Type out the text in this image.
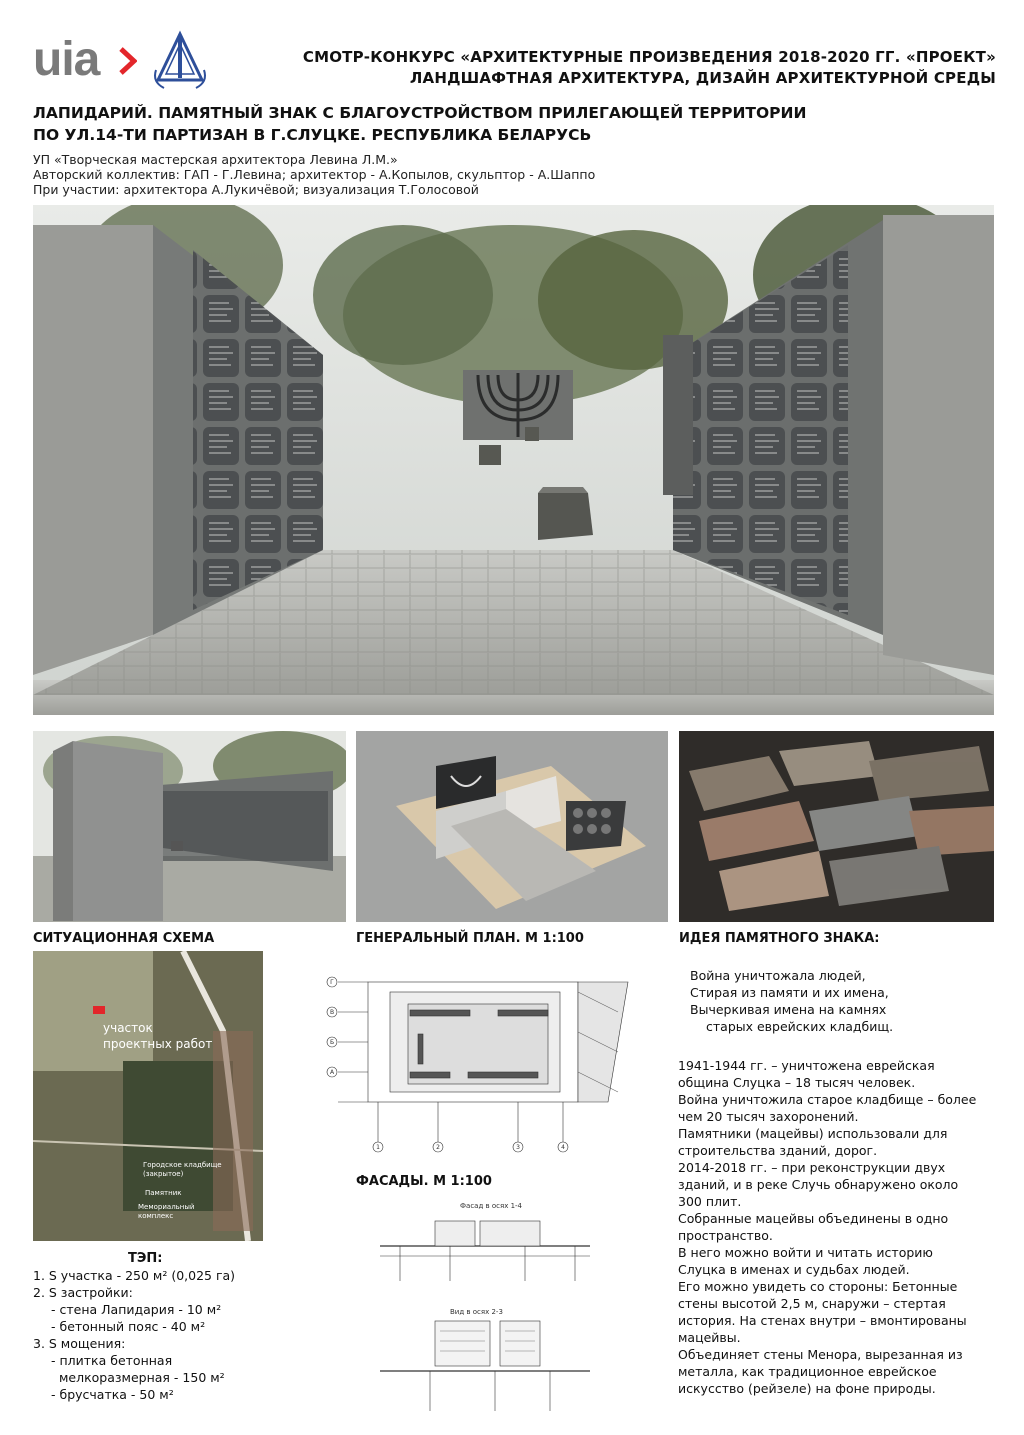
uia	СМОТР-КОНКУРС «АРХИТЕКТУРНЫЕ ПРОИЗВЕДЕНИЯ 2018-2020 ГГ. «ПРОЕКТ»
ЛАНДШАФТНАЯ АРХИТЕКТУРА, ДИЗАЙН АРХИТЕКТУРНОЙ СРЕДЫ
ЛАПИДАРИЙ. ПАМЯТНЫЙ ЗНАК С БЛАГОУСТРОЙСТВОМ ПРИЛЕГАЮЩЕЙ ТЕРРИТОРИИ
ПО УЛ.14-ТИ ПАРТИЗАН В Г.СЛУЦКЕ. РЕСПУБЛИКА БЕЛАРУСЬ
УП «Творческая мастерская архитектора Левина Л.М.»
Авторский коллектив: ГАП - Г.Левина; архитектор - А.Копылов, скульптор - А.Шаппо
При участии: архитектора А.Лукичёвой; визуализация Т.Голосовой
СИТУАЦИОННАЯ СХЕМА	ГЕНЕРАЛЬНЫЙ ПЛАН. М 1:100	ИДЕЯ ПАМЯТНОГО ЗНАКА:
участок
проектных работ
Городское кладбище (закрытое)
Памятник
Мемориальный комплекс
1	2	3	4
Г
В
Б
А
ФАСАДЫ. М 1:100
Фасад в осях 1-4
Вид в осях 2-3
ТЭП:
1. S участка - 250 м² (0,025 га)
2. S застройки:
- стена Лапидария - 10 м²
- бетонный пояс - 40 м²
3. S мощения:
- плитка бетонная
мелкоразмерная - 150 м²
- брусчатка - 50 м²
Война уничтожала людей,
Стирая из памяти и их имена,
Вычеркивая имена на камнях
старых еврейских кладбищ.
1941-1944 гг. – уничтожена еврейская
община Слуцка – 18 тысяч человек.
Война уничтожила старое кладбище – более
чем 20 тысяч захоронений.
Памятники (мацейвы) использовали для
строительства зданий, дорог.
2014-2018 гг. – при реконструкции двух
зданий, и в реке Случь обнаружено около
300 плит.
Собранные мацейвы объединены в одно
пространство.
В него можно войти и читать историю
Слуцка в именах и судьбах людей.
Его можно увидеть со стороны: Бетонные
стены высотой 2,5 м, снаружи – стертая
история. На стенах внутри – вмонтированы
мацейвы.
Объединяет стены Менора, вырезанная из
металла, как традиционное еврейское
искусство (рейзеле) на фоне природы.
